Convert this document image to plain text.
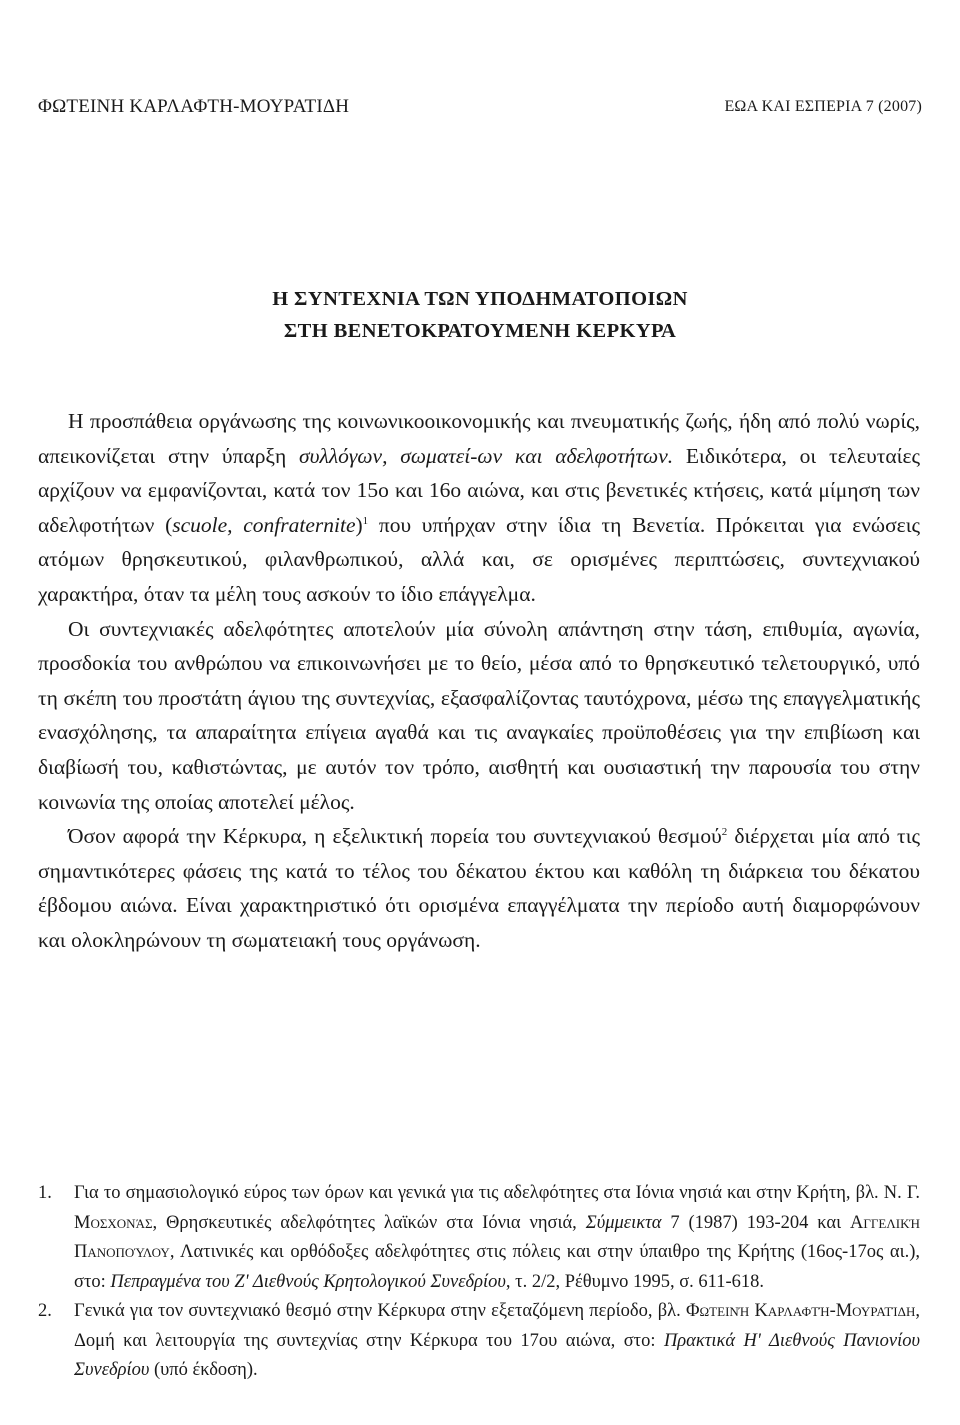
ΦΩΤΕΙΝΗ ΚΑΡΛΑΦΤΗ-ΜΟΥΡΑΤΙΔΗ	ΕΩΑ ΚΑΙ ΕΣΠΕΡΙΑ 7 (2007)
Η ΣΥΝΤΕΧΝΙΑ ΤΩΝ ΥΠΟΔΗΜΑΤΟΠΟΙΩΝ
ΣΤΗ ΒΕΝΕΤΟΚΡΑΤΟΥΜΕΝΗ ΚΕΡΚΥΡΑ

Η προσπάθεια οργάνωσης της κοινωνικοοικονομικής και πνευματικής ζωής, ήδη από πολύ νωρίς, απεικονίζεται στην ύπαρξη συλλόγων, σωματεί-ων και αδελφοτήτων. Ειδικότερα, οι τελευταίες αρχίζουν να εμφανίζονται, κατά τον 15ο και 16ο αιώνα, και στις βενετικές κτήσεις, κατά μίμηση των αδελφοτήτων (scuole, confraternite)$^1$ που υπήρχαν στην ίδια τη Βενετία. Πρόκειται για ενώσεις ατόμων θρησκευτικού, φιλανθρωπικού, αλλά και, σε ορισμένες περιπτώσεις, συντεχνιακού χαρακτήρα, όταν τα μέλη τους ασκούν το ίδιο επάγγελμα.

Οι συντεχνιακές αδελφότητες αποτελούν μία σύνολη απάντηση στην τάση, επιθυμία, αγωνία, προσδοκία του ανθρώπου να επικοινωνήσει με το θείο, μέσα από το θρησκευτικό τελετουργικό, υπό τη σκέπη του προστάτη άγιου της συντεχνίας, εξασφαλίζοντας ταυτόχρονα, μέσω της επαγγελματικής ενασχόλησης, τα απαραίτητα επίγεια αγαθά και τις αναγκαίες προϋποθέσεις για την επιβίωση και διαβίωσή του, καθιστώντας, με αυτόν τον τρόπο, αισθητή και ουσιαστική την παρουσία του στην κοινωνία της οποίας αποτελεί μέλος.

Όσον αφορά την Κέρκυρα, η εξελικτική πορεία του συντεχνιακού θεσμού$^2$ διέρχεται μία από τις σημαντικότερες φάσεις της κατά το τέλος του δέκατου έκτου και καθόλη τη διάρκεια του δέκατου έβδομου αιώνα. Είναι χαρακτηριστικό ότι ορισμένα επαγγέλματα την περίοδο αυτή διαμορφώνουν και ολοκληρώνουν τη σωματειακή τους οργάνωση.

1. Για το σημασιολογικό εύρος των όρων και γενικά για τις αδελφότητες στα Ιόνια νησιά και στην Κρήτη, βλ. Ν. Γ. Μοσχονάς, Θρησκευτικές αδελφότητες λαϊκών στα Ιόνια νησιά, Σύμμεικτα 7 (1987) 193-204 και Αγγελική Πανοπούλου, Λατινικές και ορθόδοξες αδελφότητες στις πόλεις και στην ύπαιθρο της Κρήτης (16ος-17ος αι.), στο: Πεπραγμένα του Ζ' Διεθνούς Κρητολογικού Συνεδρίου, τ. 2/2, Ρέθυμνο 1995, σ. 611-618.
2. Γενικά για τον συντεχνιακό θεσμό στην Κέρκυρα στην εξεταζόμενη περίοδο, βλ. Φωτεινή Καρλαφτή-Μουρατίδη, Δομή και λειτουργία της συντεχνίας στην Κέρκυρα του 17ου αιώνα, στο: Πρακτικά Η' Διεθνούς Πανιονίου Συνεδρίου (υπό έκδοση).
